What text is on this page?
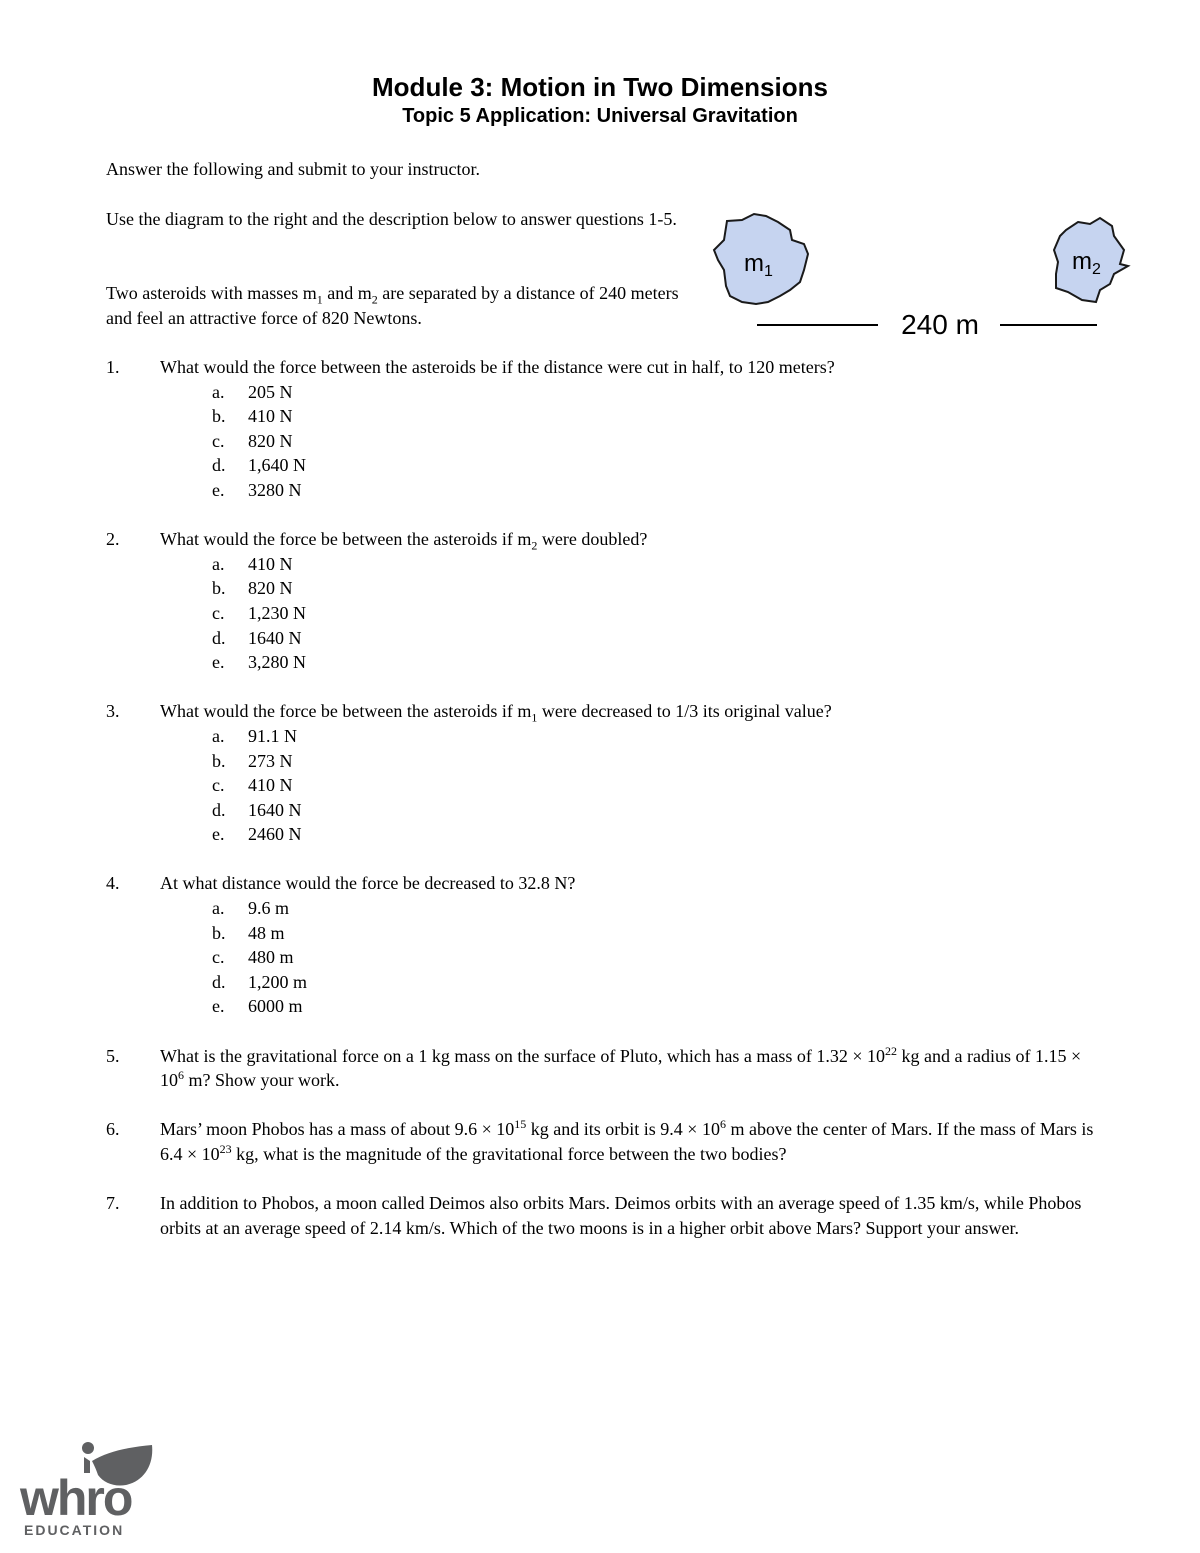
Module 3: Motion in Two Dimensions
Topic 5 Application: Universal Gravitation
Answer the following and submit to your instructor.
Use the diagram to the right and the description below to answer questions 1-5.
Two asteroids with masses $m_1$ and $m_2$ are separated by a distance of 240 meters and feel an attractive force of 820 Newtons.
$m_1$	$m_2$
240 m
1. What would the force between the asteroids be if the distance were cut in half, to 120 meters?
a. 205 N
b. 410 N
c. 820 N
d. 1,640 N
e. 3280 N
2. What would the force be between the asteroids if $m_2$ were doubled?
a. 410 N
b. 820 N
c. 1,230 N
d. 1640 N
e. 3,280 N
3. What would the force be between the asteroids if $m_1$ were decreased to 1/3 its original value?
a. 91.1 N
b. 273 N
c. 410 N
d. 1640 N
e. 2460 N
4. At what distance would the force be decreased to 32.8 N?
a. 9.6 m
b. 48 m
c. 480 m
d. 1,200 m
e. 6000 m
5. What is the gravitational force on a 1 kg mass on the surface of Pluto, which has a mass of $1.32 \times 10^{22}$ kg and a radius of $1.15 \times 10^6$ m? Show your work.
6. Mars’ moon Phobos has a mass of about $9.6 \times 10^{15}$ kg and its orbit is $9.4 \times 10^6$ m above the center of Mars. If the mass of Mars is $6.4 \times 10^{23}$ kg, what is the magnitude of the gravitational force between the two bodies?
7. In addition to Phobos, a moon called Deimos also orbits Mars. Deimos orbits with an average speed of 1.35 km/s, while Phobos orbits at an average speed of 2.14 km/s. Which of the two moons is in a higher orbit above Mars? Support your answer.
whro
EDUCATION
